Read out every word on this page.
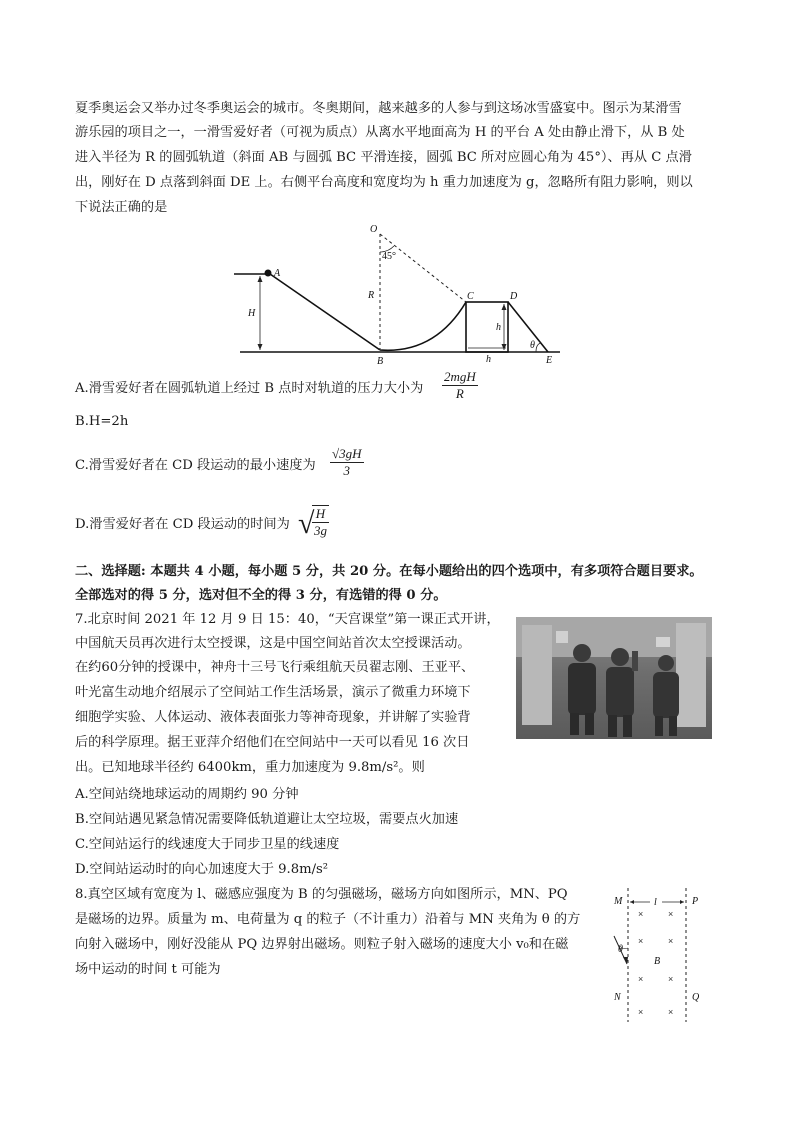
夏季奥运会又举办过冬季奥运会的城市。冬奥期间，越来越多的人参与到这场冰雪盛宴中。图示为某滑雪
游乐园的项目之一，一滑雪爱好者（可视为质点）从离水平地面高为 H 的平台 A 处由静止滑下，从 B 处
进入半径为 R 的圆弧轨道（斜面 AB 与圆弧 BC 平滑连接，圆弧 BC 所对应圆心角为 45°）、再从 C 点滑
出，刚好在 D 点落到斜面 DE 上。右侧平台高度和宽度均为 h 重力加速度为 g，忽略所有阻力影响，则以
下说法正确的是
O
A
B
C	D
E
H
R
h
h
45°
θ
A.滑雪爱好者在圆弧轨道上经过 B 点时对轨道的压力大小为
2mgH
R
B.H=2h
C.滑雪爱好者在 CD 段运动的最小速度为 $\frac{√3gH}{3}$
D.滑雪爱好者在 CD 段运动的时间为 √
$\frac{H}{3g}$
二、选择题: 本题共 4 小题，每小题 5 分，共 20 分。在每小题给出的四个选项中，有多项符合题目要求。
全部选对的得 5 分，选对但不全的得 3 分，有选错的得 0 分。
7.北京时间 2021 年 12 月 9 日 15：40，“天宫课堂”第一课正式开讲，
中国航天员再次进行太空授课，这是中国空间站首次太空授课活动。
在约60分钟的授课中，神舟十三号飞行乘组航天员翟志刚、王亚平、
叶光富生动地介绍展示了空间站工作生活场景，演示了微重力环境下
细胞学实验、人体运动、液体表面张力等神奇现象，并讲解了实验背
后的科学原理。据王亚萍介绍他们在空间站中一天可以看见 16 次日
出。已知地球半径约 6400km，重力加速度为 9.8m/s²。则
A.空间站绕地球运动的周期约 90 分钟
B.空间站遇见紧急情况需要降低轨道避让太空垃圾，需要点火加速
C.空间站运行的线速度大于同步卫星的线速度
D.空间站运动时的向心加速度大于 9.8m/s²
8.真空区域有宽度为 l、磁感应强度为 B 的匀强磁场，磁场方向如图所示，MN、PQ
是磁场的边界。质量为 m、电荷量为 q 的粒子（不计重力）沿着与 MN 夹角为 θ 的方
向射入磁场中，刚好没能从 PQ 边界射出磁场。则粒子射入磁场的速度大小 v₀和在磁
场中运动的时间 t 可能为
×	×
×	×
×	×
×	×
M
N
P
Q
l
B
θ
